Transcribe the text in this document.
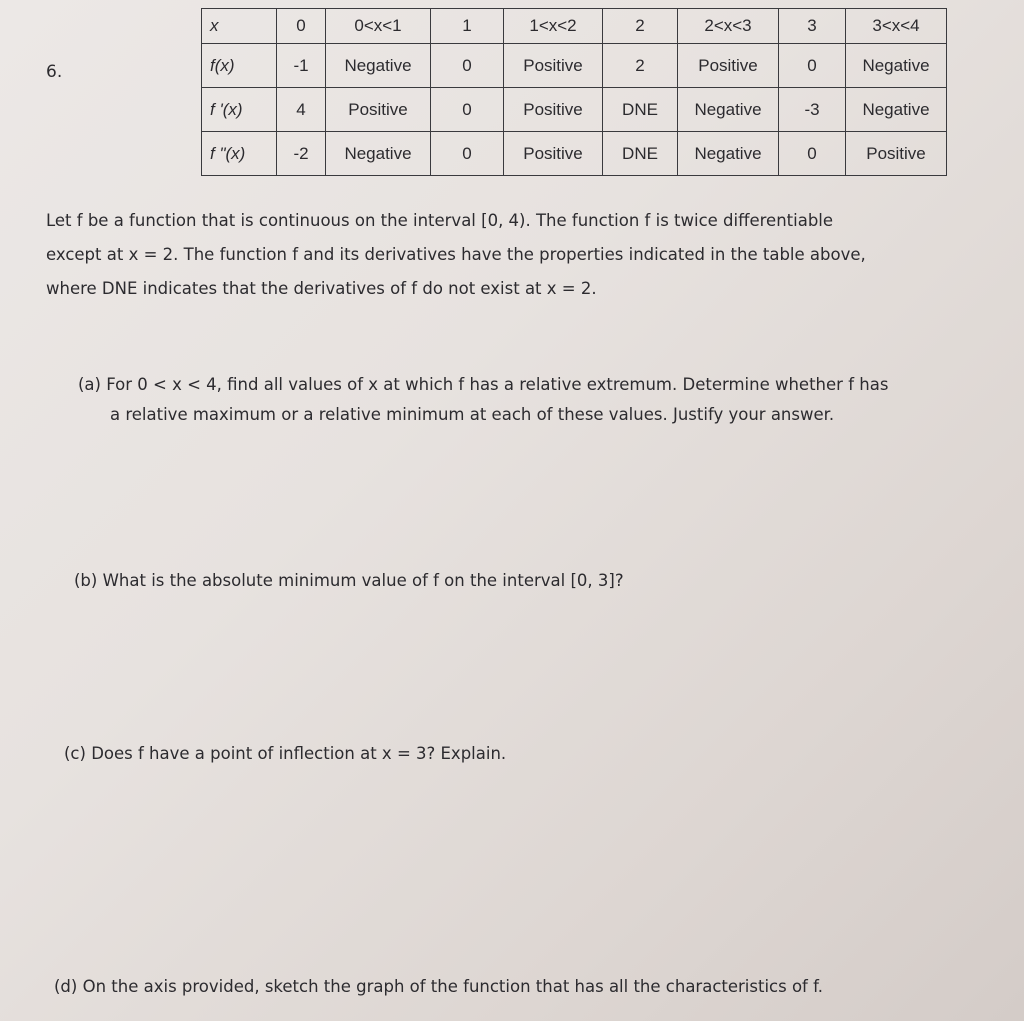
6.
x	0	0<x<1	1	1<x<2	2	2<x<3	3	3<x<4
f(x)	-1	Negative	0	Positive	2	Positive	0	Negative
f '(x)	4	Positive	0	Positive	DNE	Negative	-3	Negative
f "(x)	-2	Negative	0	Positive	DNE	Negative	0	Positive
Let f be a function that is continuous on the interval [0, 4). The function f is twice differentiable
except at x = 2. The function f and its derivatives have the properties indicated in the table above,
where DNE indicates that the derivatives of f do not exist at x = 2.
(a) For 0 < x < 4, find all values of x at which f has a relative extremum. Determine whether f has
a relative maximum or a relative minimum at each of these values. Justify your answer.
(b) What is the absolute minimum value of f on the interval [0, 3]?
(c) Does f have a point of inflection at x = 3? Explain.
(d) On the axis provided, sketch the graph of the function that has all the characteristics of f.
